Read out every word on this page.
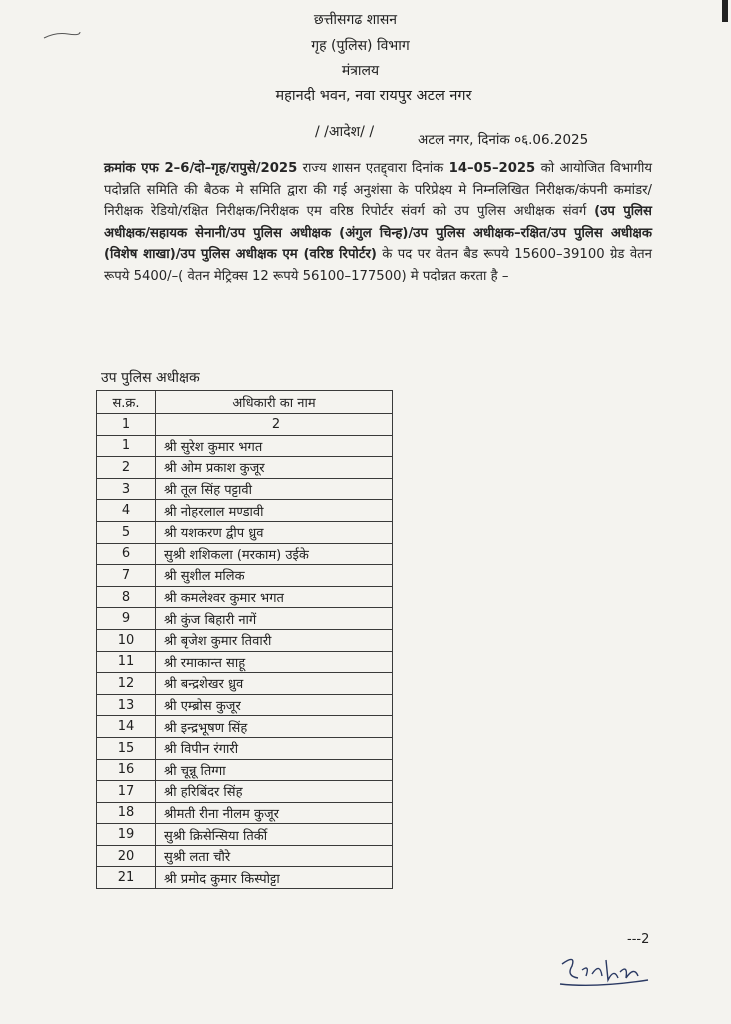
छत्तीसगढ शासन
गृह (पुलिस) विभाग
मंत्रालय
महानदी भवन, नवा रायपुर अटल नगर
/ /आदेश/ /	अटल नगर, दिनांक ०६.06.2025
क्रमांक एफ 2–6/दो–गृह/रापुसे/2025 राज्य शासन एतद्द्वारा दिनांक 14–05–2025 को आयोजित विभागीय पदोन्नति समिति की बैठक मे समिति द्वारा की गई अनुशंसा के परिप्रेक्ष्य मे निम्नलिखित निरीक्षक/कंपनी कमांडर/निरीक्षक रेडियो/रक्षित निरीक्षक/निरीक्षक एम वरिष्ठ रिपोर्टर संवर्ग को उप पुलिस अधीक्षक संवर्ग (उप पुलिस अधीक्षक/सहायक सेनानी/उप पुलिस अधीक्षक (अंगुल चिन्ह)/उप पुलिस अधीक्षक–रक्षित/उप पुलिस अधीक्षक (विशेष शाखा)/उप पुलिस अधीक्षक एम (वरिष्ठ रिपोर्टर) के पद पर वेतन बैड रूपये 15600–39100 ग्रेड वेतन रूपये 5400/–( वेतन मेट्रिक्स 12 रूपये 56100–177500) मे पदोन्नत करता है –
उप पुलिस अधीक्षक
स.क्र.	अधिकारी का नाम
1	2
1	श्री सुरेश कुमार भगत
2	श्री ओम प्रकाश कुजूर
3	श्री तूल सिंह पट्टावी
4	श्री नोहरलाल मण्डावी
5	श्री यशकरण द्वीप ध्रुव
6	सुश्री शशिकला (मरकाम) उईके
7	श्री सुशील मलिक
8	श्री कमलेश्वर कुमार भगत
9	श्री कुंज बिहारी नागें
10	श्री बृजेश कुमार तिवारी
11	श्री रमाकान्त साहू
12	श्री बन्द्रशेखर ध्रुव
13	श्री एम्ब्रोस कुजूर
14	श्री इन्द्रभूषण सिंह
15	श्री विपीन रंगारी
16	श्री चून्नू तिग्गा
17	श्री हरिबिंदर सिंह
18	श्रीमती रीना नीलम कुजूर
19	सुश्री क्रिसेन्सिया तिर्की
20	सुश्री लता चौरे
21	श्री प्रमोद कुमार किस्पोट्टा
---2
